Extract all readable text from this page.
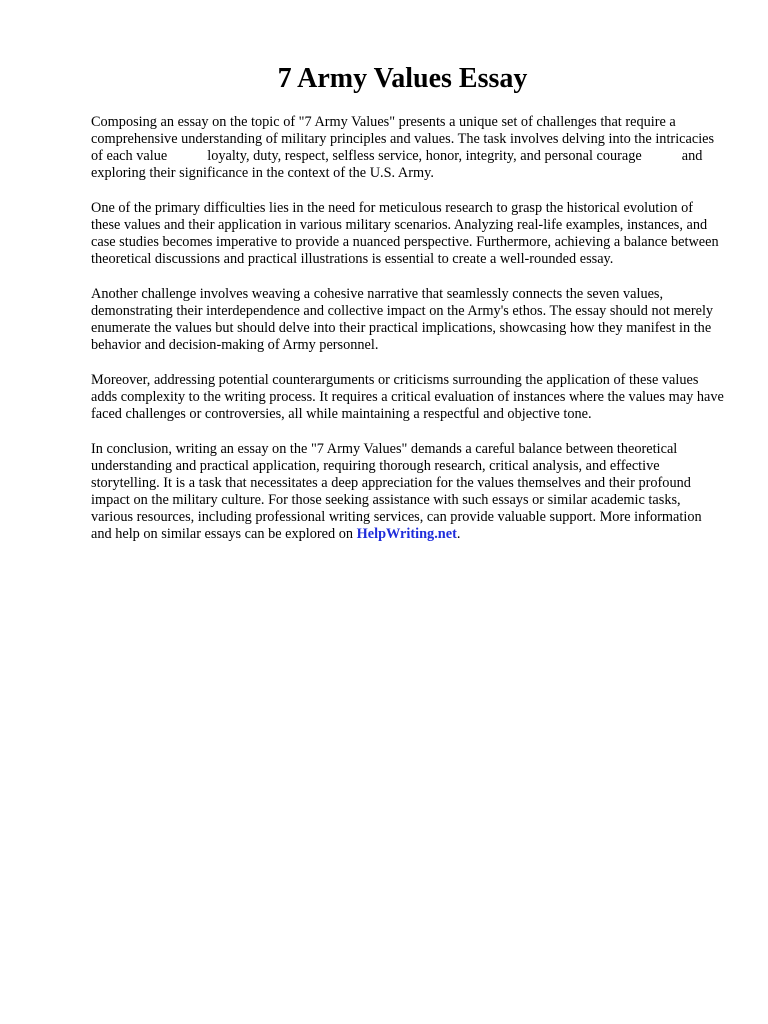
7 Army Values Essay

Composing an essay on the topic of "7 Army Values" presents a unique set of challenges that require a comprehensive understanding of military principles and values. The task involves delving into the intricacies of each value	loyalty, duty, respect, selfless service, honor, integrity, and personal courage	and exploring their significance in the context of the U.S. Army.

One of the primary difficulties lies in the need for meticulous research to grasp the historical evolution of these values and their application in various military scenarios. Analyzing real-life examples, instances, and case studies becomes imperative to provide a nuanced perspective. Furthermore, achieving a balance between theoretical discussions and practical illustrations is essential to create a well-rounded essay.

Another challenge involves weaving a cohesive narrative that seamlessly connects the seven values, demonstrating their interdependence and collective impact on the Army's ethos. The essay should not merely enumerate the values but should delve into their practical implications, showcasing how they manifest in the behavior and decision-making of Army personnel.

Moreover, addressing potential counterarguments or criticisms surrounding the application of these values adds complexity to the writing process. It requires a critical evaluation of instances where the values may have faced challenges or controversies, all while maintaining a respectful and objective tone.

In conclusion, writing an essay on the "7 Army Values" demands a careful balance between theoretical understanding and practical application, requiring thorough research, critical analysis, and effective storytelling. It is a task that necessitates a deep appreciation for the values themselves and their profound impact on the military culture. For those seeking assistance with such essays or similar academic tasks, various resources, including professional writing services, can provide valuable support. More information and help on similar essays can be explored on HelpWriting.net.
